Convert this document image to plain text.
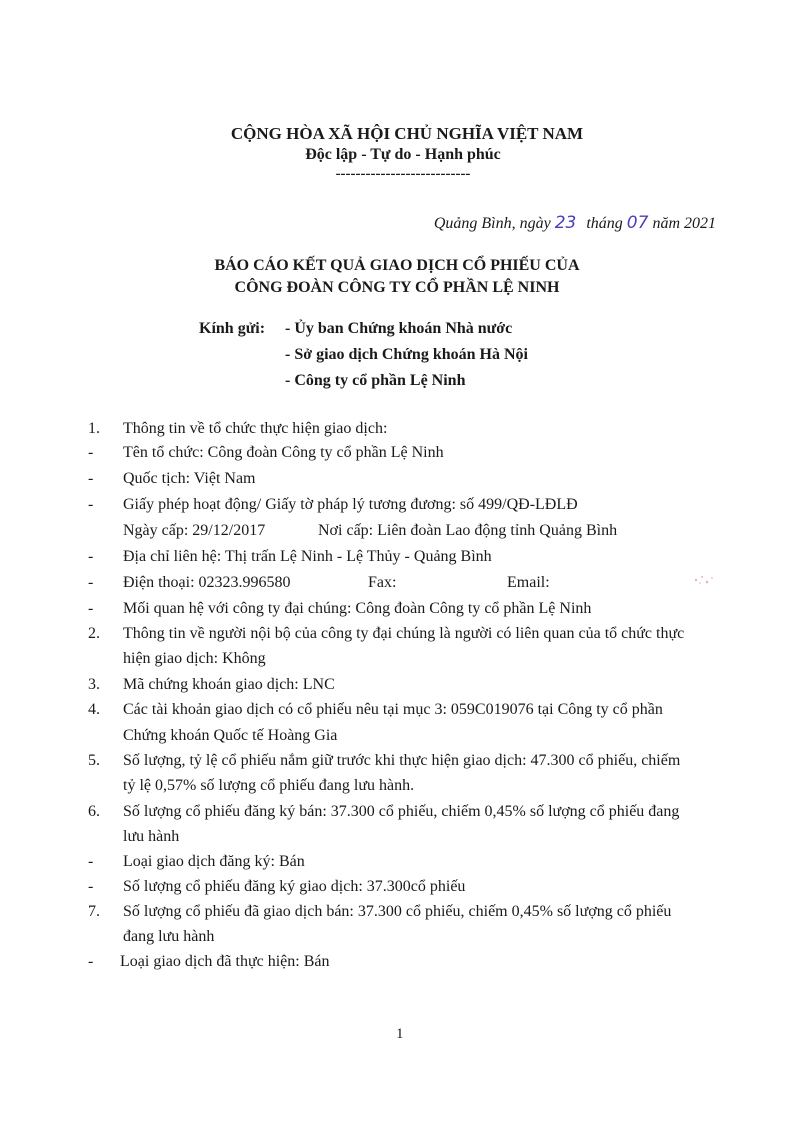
CỘNG HÒA XÃ HỘI CHỦ NGHĨA VIỆT NAM
Độc lập - Tự do - Hạnh phúc
---------------------------
Quảng Bình, ngày 23 tháng 07 năm 2021
BÁO CÁO KẾT QUẢ GIAO DỊCH CỔ PHIẾU CỦA
CÔNG ĐOÀN CÔNG TY CỔ PHẦN LỆ NINH
Kính gửi: - Ủy ban Chứng khoán Nhà nước
- Sở giao dịch Chứng khoán Hà Nội
- Công ty cổ phần Lệ Ninh
1. Thông tin về tổ chức thực hiện giao dịch:
- Tên tổ chức: Công đoàn Công ty cổ phần Lệ Ninh
- Quốc tịch: Việt Nam
- Giấy phép hoạt động/ Giấy tờ pháp lý tương đương: số 499/QĐ-LĐLĐ
Ngày cấp: 29/12/2017	Nơi cấp: Liên đoàn Lao động tỉnh Quảng Bình
- Địa chỉ liên hệ: Thị trấn Lệ Ninh - Lệ Thủy - Quảng Bình
- Điện thoại: 02323.996580	Fax:	Email:
- Mối quan hệ với công ty đại chúng: Công đoàn Công ty cổ phần Lệ Ninh
2. Thông tin về người nội bộ của công ty đại chúng là người có liên quan của tổ chức thực
hiện giao dịch: Không
3. Mã chứng khoán giao dịch: LNC
4. Các tài khoản giao dịch có cổ phiếu nêu tại mục 3: 059C019076 tại Công ty cổ phần
Chứng khoán Quốc tế Hoàng Gia
5. Số lượng, tỷ lệ cổ phiếu nắm giữ trước khi thực hiện giao dịch: 47.300 cổ phiếu, chiếm
tỷ lệ 0,57% số lượng cổ phiếu đang lưu hành.
6. Số lượng cổ phiếu đăng ký bán: 37.300 cổ phiếu, chiếm 0,45% số lượng cổ phiếu đang
lưu hành
- Loại giao dịch đăng ký: Bán
- Số lượng cổ phiếu đăng ký giao dịch: 37.300cổ phiếu
7. Số lượng cổ phiếu đã giao dịch bán: 37.300 cổ phiếu, chiếm 0,45% số lượng cổ phiếu
đang lưu hành
- Loại giao dịch đã thực hiện: Bán
1
